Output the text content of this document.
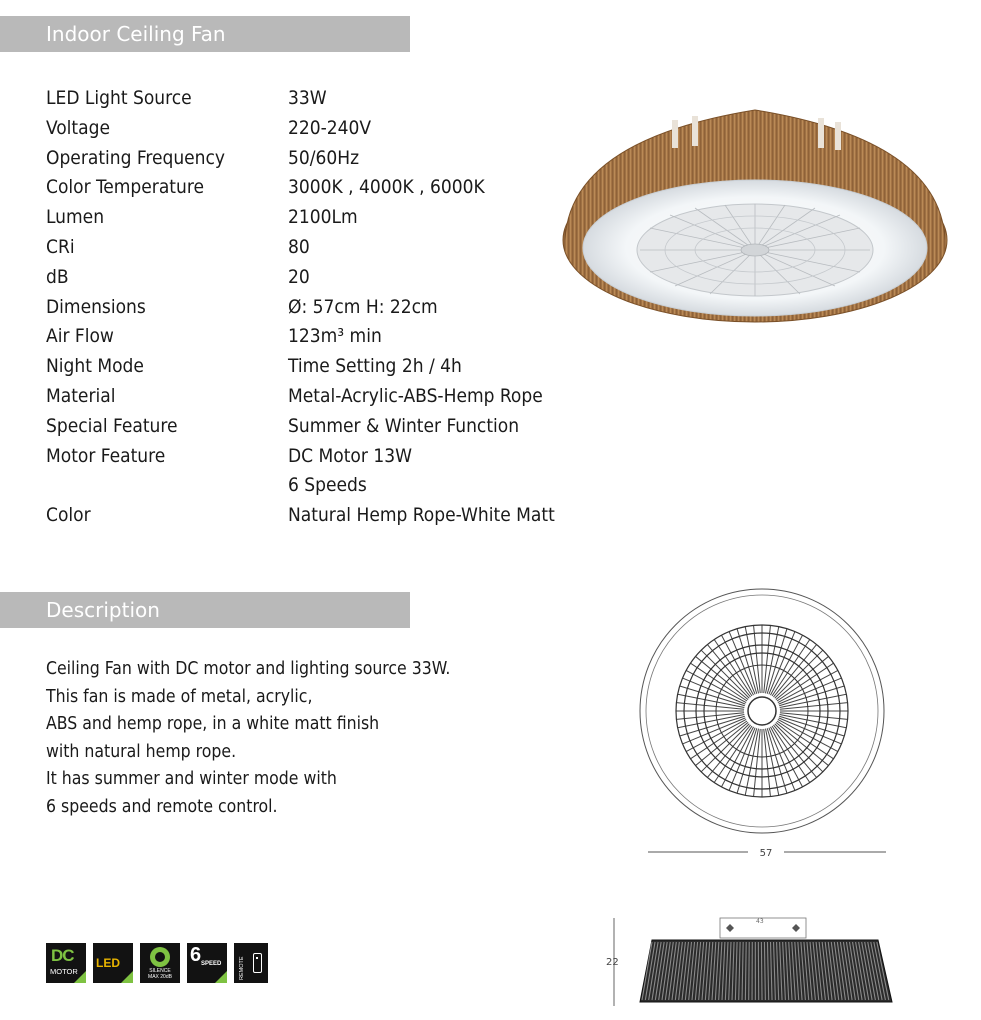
Indoor Ceiling Fan
LED Light Source	33W
Voltage	220-240V
Operating Frequency	50/60Hz
Color Temperature	3000K , 4000K , 6000K
Lumen	2100Lm
CRi	80
dB	20
Dimensions	Ø: 57cm H: 22cm
Air Flow	123m³ min
Night Mode	Time Setting 2h / 4h
Material	Metal-Acrylic-ABS-Hemp Rope
Special Feature	Summer & Winter Function
Motor Feature	DC Motor 13W
6 Speeds
Color	Natural Hemp Rope-White Matt
Description
Ceiling Fan with DC motor and lighting source 33W.
This fan is made of metal, acrylic,
ABS and hemp rope, in a white matt finish
with natural hemp rope.
It has summer and winter mode with
6 speeds and remote control.
57
22
43
DC
MOTOR
LED
SILENCE
MAX 20dB
6 SPEED	REMOTE
